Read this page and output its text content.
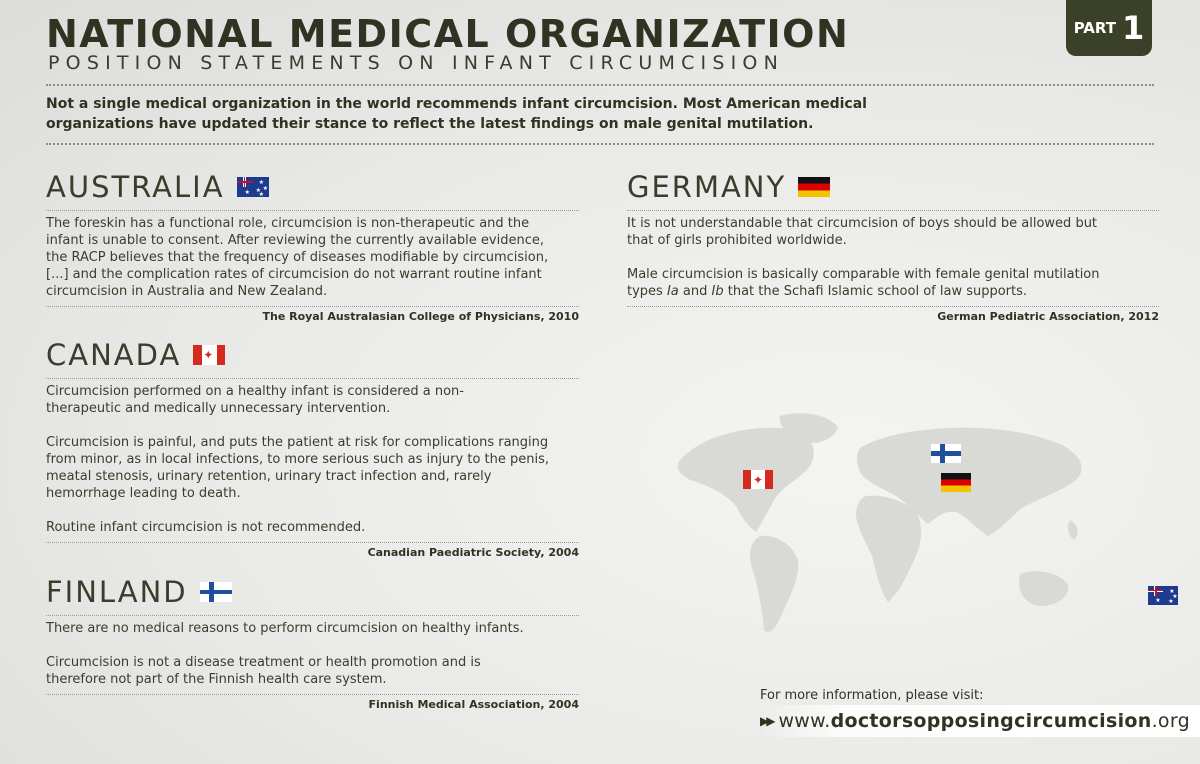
NATIONAL MEDICAL ORGANIZATION
POSITION STATEMENTS ON INFANT CIRCUMCISION
PART 1
Not a single medical organization in the world recommends infant circumcision. Most American medical
organizations have updated their stance to reflect the latest findings on male genital mutilation.
AUSTRALIA	★
★
★
★
★

The foreskin has a functional role, circumcision is non-therapeutic and the infant is unable to consent. After reviewing the currently available evidence, the RACP believes that the frequency of diseases modifiable by circumcision, [...] and the complication rates of circumcision do not warrant routine infant circumcision in Australia and New Zealand.

The Royal Australasian College of Physicians, 2010
CANADA ✦

Circumcision performed on a healthy infant is considered a non-therapeutic and medically unnecessary intervention.

Circumcision is painful, and puts the patient at risk for complications ranging from minor, as in local infections, to more serious such as injury to the penis, meatal stenosis, urinary retention, urinary tract infection and, rarely hemorrhage leading to death.

Routine infant circumcision is not recommended.

Canadian Paediatric Society, 2004
FINLAND

There are no medical reasons to perform circumcision on healthy infants.

Circumcision is not a disease treatment or health promotion and is therefore not part of the Finnish health care system.

Finnish Medical Association, 2004
GERMANY

It is not understandable that circumcision of boys should be allowed but that of girls prohibited worldwide.

Male circumcision is basically comparable with female genital mutilation types Ia and Ib that the Schafi Islamic school of law supports.

German Pediatric Association, 2012
✦

★
★
★
★
For more information, please visit:
▶▶ www.doctorsopposingcircumcision.org
